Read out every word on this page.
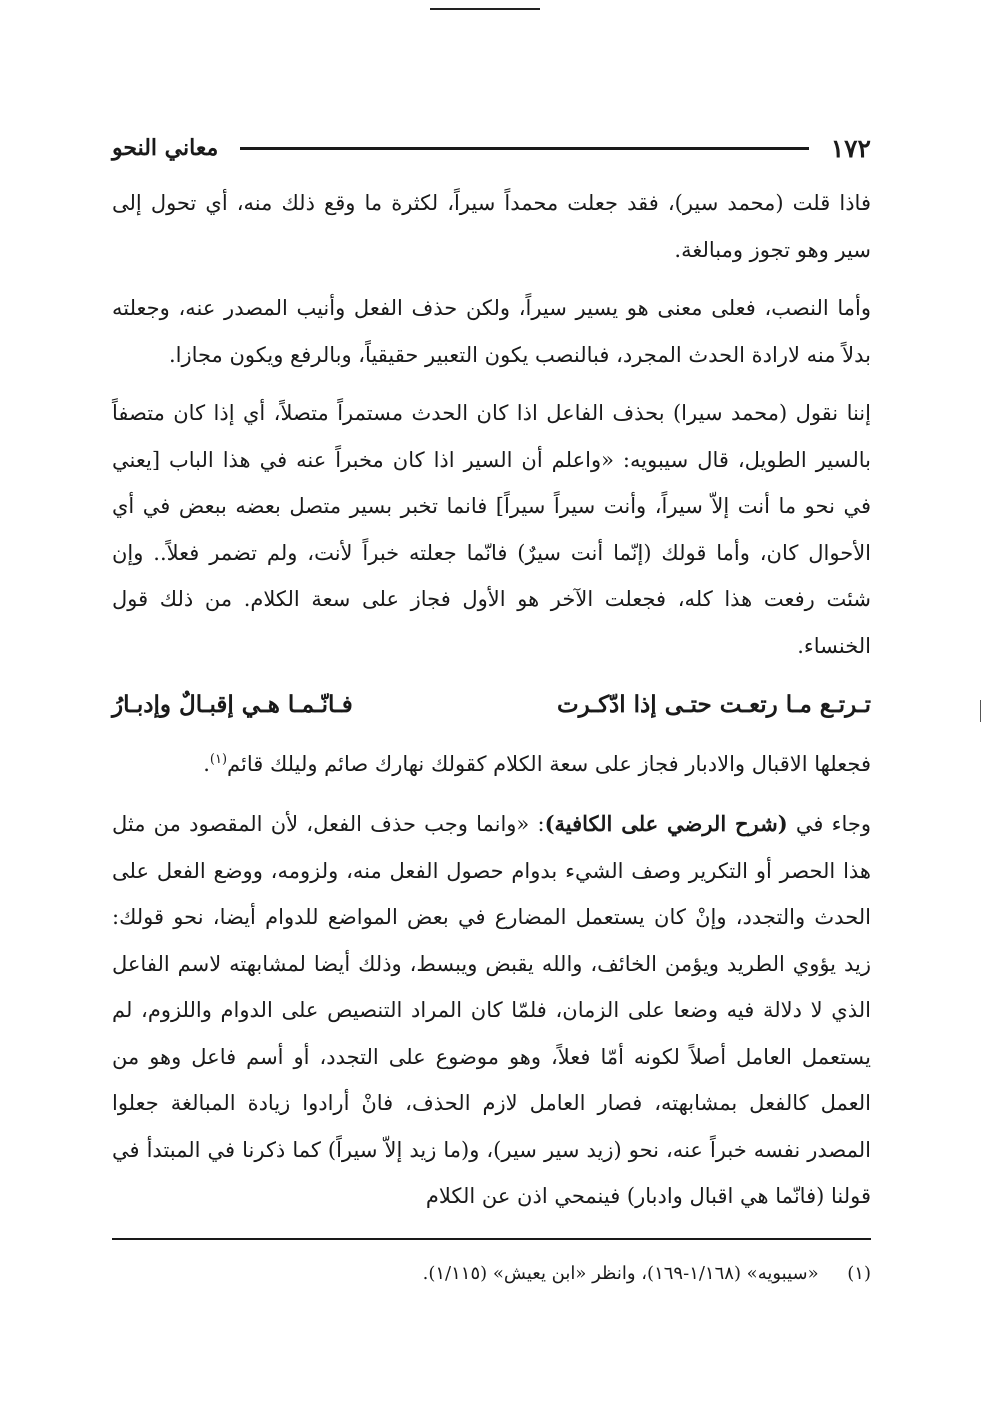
١٧٢
معاني النحو

فاذا قلت (محمد سير)، فقد جعلت محمداً سيراً، لكثرة ما وقع ذلك منه، أي تحول إلى سير وهو تجوز ومبالغة.

وأما النصب، فعلى معنى هو يسير سيراً، ولكن حذف الفعل وأنيب المصدر عنه، وجعلته بدلاً منه لارادة الحدث المجرد، فبالنصب يكون التعبير حقيقياً، وبالرفع ويكون مجازا.

إننا نقول (محمد سيرا) بحذف الفاعل اذا كان الحدث مستمراً متصلاً، أي إذا كان متصفاً بالسير الطويل، قال سيبويه: «واعلم أن السير اذا كان مخبراً عنه في هذا الباب [يعني في نحو ما أنت إلاّ سيراً، وأنت سيراً سيراً] فانما تخبر بسير متصل بعضه ببعض في أي الأحوال كان، وأما قولك (إنّما أنت سيرٌ) فانّما جعلته خبراً لأنت، ولم تضمر فعلاً.. وإن شئت رفعت هذا كله، فجعلت الآخر هو الأول فجاز على سعة الكلام. من ذلك قول الخنساء.

تـرتـع مـا رتعـت حتـى إذا ادّكـرت
فـانّـمـا هـي إقبـالٌ وإدبـارُ

فجعلها الاقبال والادبار فجاز على سعة الكلام كقولك نهارك صائم وليلك قائم$^{(١)}$.

وجاء في (شرح الرضي على الكافية): «وانما وجب حذف الفعل، لأن المقصود من مثل هذا الحصر أو التكرير وصف الشيء بدوام حصول الفعل منه، ولزومه، ووضع الفعل على الحدث والتجدد، وإنْ كان يستعمل المضارع في بعض المواضع للدوام أيضا، نحو قولك: زيد يؤوي الطريد ويؤمن الخائف، والله يقبض ويبسط، وذلك أيضا لمشابهته لاسم الفاعل الذي لا دلالة فيه وضعا على الزمان، فلمّا كان المراد التنصيص على الدوام واللزوم، لم يستعمل العامل أصلاً لكونه أمّا فعلاً، وهو موضوع على التجدد، أو أسم فاعل وهو من العمل كالفعل بمشابهته، فصار العامل لازم الحذف، فانْ أرادوا زيادة المبالغة جعلوا المصدر نفسه خبراً عنه، نحو (زيد سير سير)، و(ما زيد إلاّ سيراً) كما ذكرنا في المبتدأ في قولنا (فانّما هي اقبال وادبار) فينمحي اذن عن الكلام

(١)     «سيبويه» (١/١٦٨-١٦٩)، وانظر «ابن يعيش» (١/١١٥).
